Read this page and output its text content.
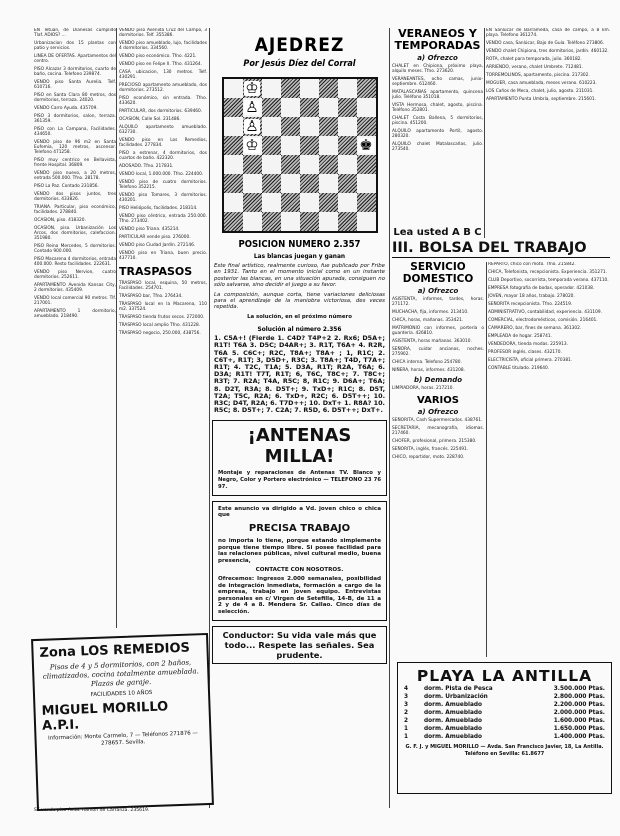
EN Tetuan, de Dianesas cumplido Tlaf. ADIOS? ...
Urbanizacion dos 15 plantas con patio y servicios.
LINEA DE OFERTAS. Apartamentos del centro.
PISO Alcazar 3 dormitorios, cuarto de baño, cocina. Telefono 239874.
VENDO piso Santa Aurelia. Telf. 610716.
PISO en Santa Clara 80 metros, dos dormitorios, terraza. 24020.
VENDO Carro Ayuda. 435709.
PISO 3 dormitorios, salon, terraza. 361359.
PISO con La Campana, Facilidades. 434650.
VENDO piso de 96 m2 en Santa Eufemia, 120 metros, ascensor. Telefono 471258.
PISO muy centrico en Bellavista, frente Hospital. 36809.
VENDO piso nuevo, a 20 metros, entrada 500.000. Tfno. 28178.
PISO La Paz. Contado 231856.
VENDO dos pisos juntos, tres dormitorios. 433826.
TRIANA. Particular, piso económico, facilidades. 278840.
OCASION, piso. 418320.
OCASION, piso. Urbanización Los Arcos, dos dormitorios, calefaccion. 351980.
PISO Reina Mercedes, 5 dormitorios. Contado 900.000.
PISO Macarena 4 dormitorios, entrada 400.000. Resto facilidades. 222631.
VENDO piso Nervion, cuatro dormitorios. 252611.
APARTAMENTO Avenida Kansas City, 2 dormitorios. 435409.
VENDO local comercial 90 metros. Tlf. 217001.
APARTAMENTO 1 dormitorio, amueblado. 218490.
VENDO piso Avenida Cruz del Campo, 3 dormitorios. Telf. 355386.
VENDO piso amueblado, lujo, facilidades 4 dormitorios. 334560.
VENDO piso económico. Tfno. 4221.
VENDO piso en Felipe II. Tfno. 431264.
CASA ubicacion, 130 metros. Telf. 430291.
PRECIOSO apartamento amueblado, dos dormitorios. 273512.
PISO económico, sin entrada. Tfno. 433620.
PARTICULAR, dos dormitorios. 639460.
OCASION, Calle Sol. 231486.
ALQUILO apartamento amueblado. 632730.
VENDO piso en Los Remedios, facilidades. 277834.
PISO a estrenar, 4 dormitorios, dos cuartos de baño. 422320.
ADOSADO. Tfno. 217831.
VENDO local, 1.000.000. Tfno. 224400.
VENDO piso de cuatro dormitorios. Telefono 352215.
VENDO piso Tomares, 3 dormitorios. 430201.
PISO Heliópolis, facilidades. 218314.
VENDO piso céntrico, entrada 250.000. Tfno. 273402.
VENDO piso Triana. 435214.
PARTICULAR vende piso. 276000.
VENDO piso Ciudad Jardín. 272146.
VENDO piso en Triana, buen precio. 437710.
TRASPASOS
TRASPASO local, esquina, 50 metros, Facilidades. 254701.
TRASPASO bar, Tfno. 276434.
TRASPASO local en la Macarena, 110 m2. 337524.
TRASPASO tienda frutos secos. 272000.
TRASPASO local amplio Tfno. 431228.
TRASPASO negocio, 250.000, 438756.
AJEDREZ
Por Jesús Díez del Corral
♔
♙
♙
♔	♚
POSICION NUMERO 2.357
Las blancas juegan y ganan
Este final artístico, realmente curioso, fue publicado por Fribe en 1931. Tanto en el momento inicial como en un instante posterior las blancas, en una situación apurada, consiguen no sólo salvarse, sino decidir el juego a su favor.
La composición, aunque corta, tiene variaciones deliciosas para el aprendizaje de la maniobra victoriosa, des veces repetida.
La solución, en el próximo número
Solución al número 2.356
1. C5A+! (Fierde 1. C4D? T4P+2 2. Rx6; D5A+; R1T! T6A 3. D5C; D4AR+; 3. R1T, T6A+ 4. R2R, T6A 5. C6C+; R2C, T8A+; T8A+ ; 1, R1C; 2. C6T+, R1T; 3, D5D+, R3C; 3. T8A+; T4D, T7A+; R1T; 4. T2C, T1A; 5. D3A, R1T; R2A, T6A; 6. D3A; R1T! T7T, R1T; 6, T6C, T8C+; 7. T8C+; R3T; 7. R2A; T4A, R5C; 8, R1C; 9. D6A+; T6A; 8. D2T, R3A; 8. D5T+; 9. TxD+; R1C; 8. D5T, T2A; T5C, R2A; 6. TxD+, R2C; 6. D5T++; 10. R3C; D4T, R2A; 6. T7D++; 10. DxT+ 1. R8A? 10. R5C; 8. D5T+; 7. C2A; 7. R5D, 6. D5T++; DxT+.
¡ANTENAS MILLA!
Montaje y reparaciones de Antenas TV. Blanco y Negro, Color y Portero electrónico — TELEFONO 23 76 97.
Este anuncio va dirigido a Vd. joven chico o chica que
PRECISA TRABAJO
no importa lo tiene, porque estando simplemente porque tiene tiempo libre. Si posee facilidad para las relaciones públicas, nivel cultural medio, buena presencia,
CONTACTE CON NOSOTROS.
Ofrecemos: Ingresos 2.000 semanales, posibilidad de integración inmediata, formación a cargo de la empresa, trabajo en joven equipo. Entrevistas personales en c/ Virgen de Setefilla, 14-B, de 11 a 2 y de 4 a 8. Mendera Sr. Callao. Cinco días de selección.
Conductor: Su vida vale más que todo... Respete las señales. Sea prudente.
VERANEOS Y TEMPORADAS
a) Ofrezco
CHALET en Chipiona, próximo playa, alquilo meses. Tfno. 273620.
VERANEANTES, ocho camas, junio-septiembre. 612460.
MATALASCAÑAS apartamento, quincena julio. Teléfono 351018.
VISTA Hermosa, chalet, agosto, piscina. Teléfono 352801.
CHALET Costa Ballena, 5 dormitorios, piscina. 451200.
ALQUILO apartamento Portil, agosto. 280320.
ALQUILO chalet Matalascañas, julio. 273540.
Lea usted A B C
EN Sanlúcar de Barrameda, casa de campo, a 8 km. playa. Telefono 361274.
VENDO casa, Sanlúcar, Bajo de Guía. Teléfono 273806.
VENDO chalet Chipiona, tres dormitorios, jardín. 460132.
ROTA, chalet para temporada, julio. 360182.
ARRIENDO, verano, chalet Umbrete. 712481.
TORREMOLINOS, apartamento, piscina. 217302.
MOGUER, casa amueblada, meses verano. 610223.
LOS Caños de Meca, chalet, julio, agosto. 211031.
APARTAMENTO Punta Umbría, septiembre. 215601.
III. BOLSA DEL TRABAJO
SERVICIO DOMESTICO
a) Ofrezco
ASISTENTA, informes, tardes, horas. 271172.
MUCHACHA, fija, informes. 213410.
CHICA, horas, mañanas. 353421.
MATRIMONIO con informes, portería o guardería. 426810.
ASISTENTA, horas mañanas. 363010.
SEÑORA, cuidar ancianos, noches. 275902.
CHICA interna. Telefono 254780.
NIÑERA, horas, informes. 431208.
b) Demando
LIMPIADORA, horas. 217210.
VARIOS
a) Ofrezco
SEÑORITA, Cash Supermercados. 438761.
SECRETARIA, mecanografía, idiomas. 217460.
CHOFER, profesional, primera. 215380.
SEÑORITA, inglés, francés. 225491.
CHICO, repartidor, moto. 228740.
REPARTO, chico con moto. Tfno. 215842.
CHICA, Telefonista, recepcionista. Experiencia. 351271.
CLUB Deportivo, socorrista, temporada verano. 437110.
EMPRESA fotografía de bodas, operador. 421038.
JOVEN, mayor 18 años, trabajo. 278020.
SEÑORITA recepcionista. Tfno. 224519.
ADMINISTRATIVO, contabilidad, experiencia. 431109.
COMERCIAL, electrodomésticos, comisión. 216401.
CAMARERO, bar, fines de semana. 361302.
EMPLEADA de hogar. 258741.
VENDEDORA, tienda modas. 225913.
PROFESOR inglés, clases. 432170.
ELECTRICISTA, oficial primera. 270381.
CONTABLE titulado. 219640.
PLAYA LA ANTILLA
4	dorm. Pista de Pesca	3.500.000 Ptas.
3	dorm. Urbanización	2.800.000 Ptas.
3	dorm. Amueblado	2.200.000 Ptas.
2	dorm. Amueblado	2.000.000 Ptas.
2	dorm. Amueblado	1.600.000 Ptas.
1	dorm. Amueblado	1.650.000 Ptas.
1	dorm. Amueblado	1.400.000 Ptas.
G. F. J. y MIGUEL MORILLO — Avda. San Francisco Javier, 18, La Antilla. Teléfono en Sevilla: 61.8677
Zona LOS REMEDIOS
Pisos de 4 y 5 dormitorios, con 2 baños, climatizados, cocina totalmente amueblada. Plazas de garaje.
FACILIDADES 10 AÑOS
MIGUEL MORILLO A.P.I.
Información: Monte Carmelo, 7 — Teléfonos 271876 — 278657. Sevilla.
SE vende piso Avda. Ramon de Carranza. 235619.
